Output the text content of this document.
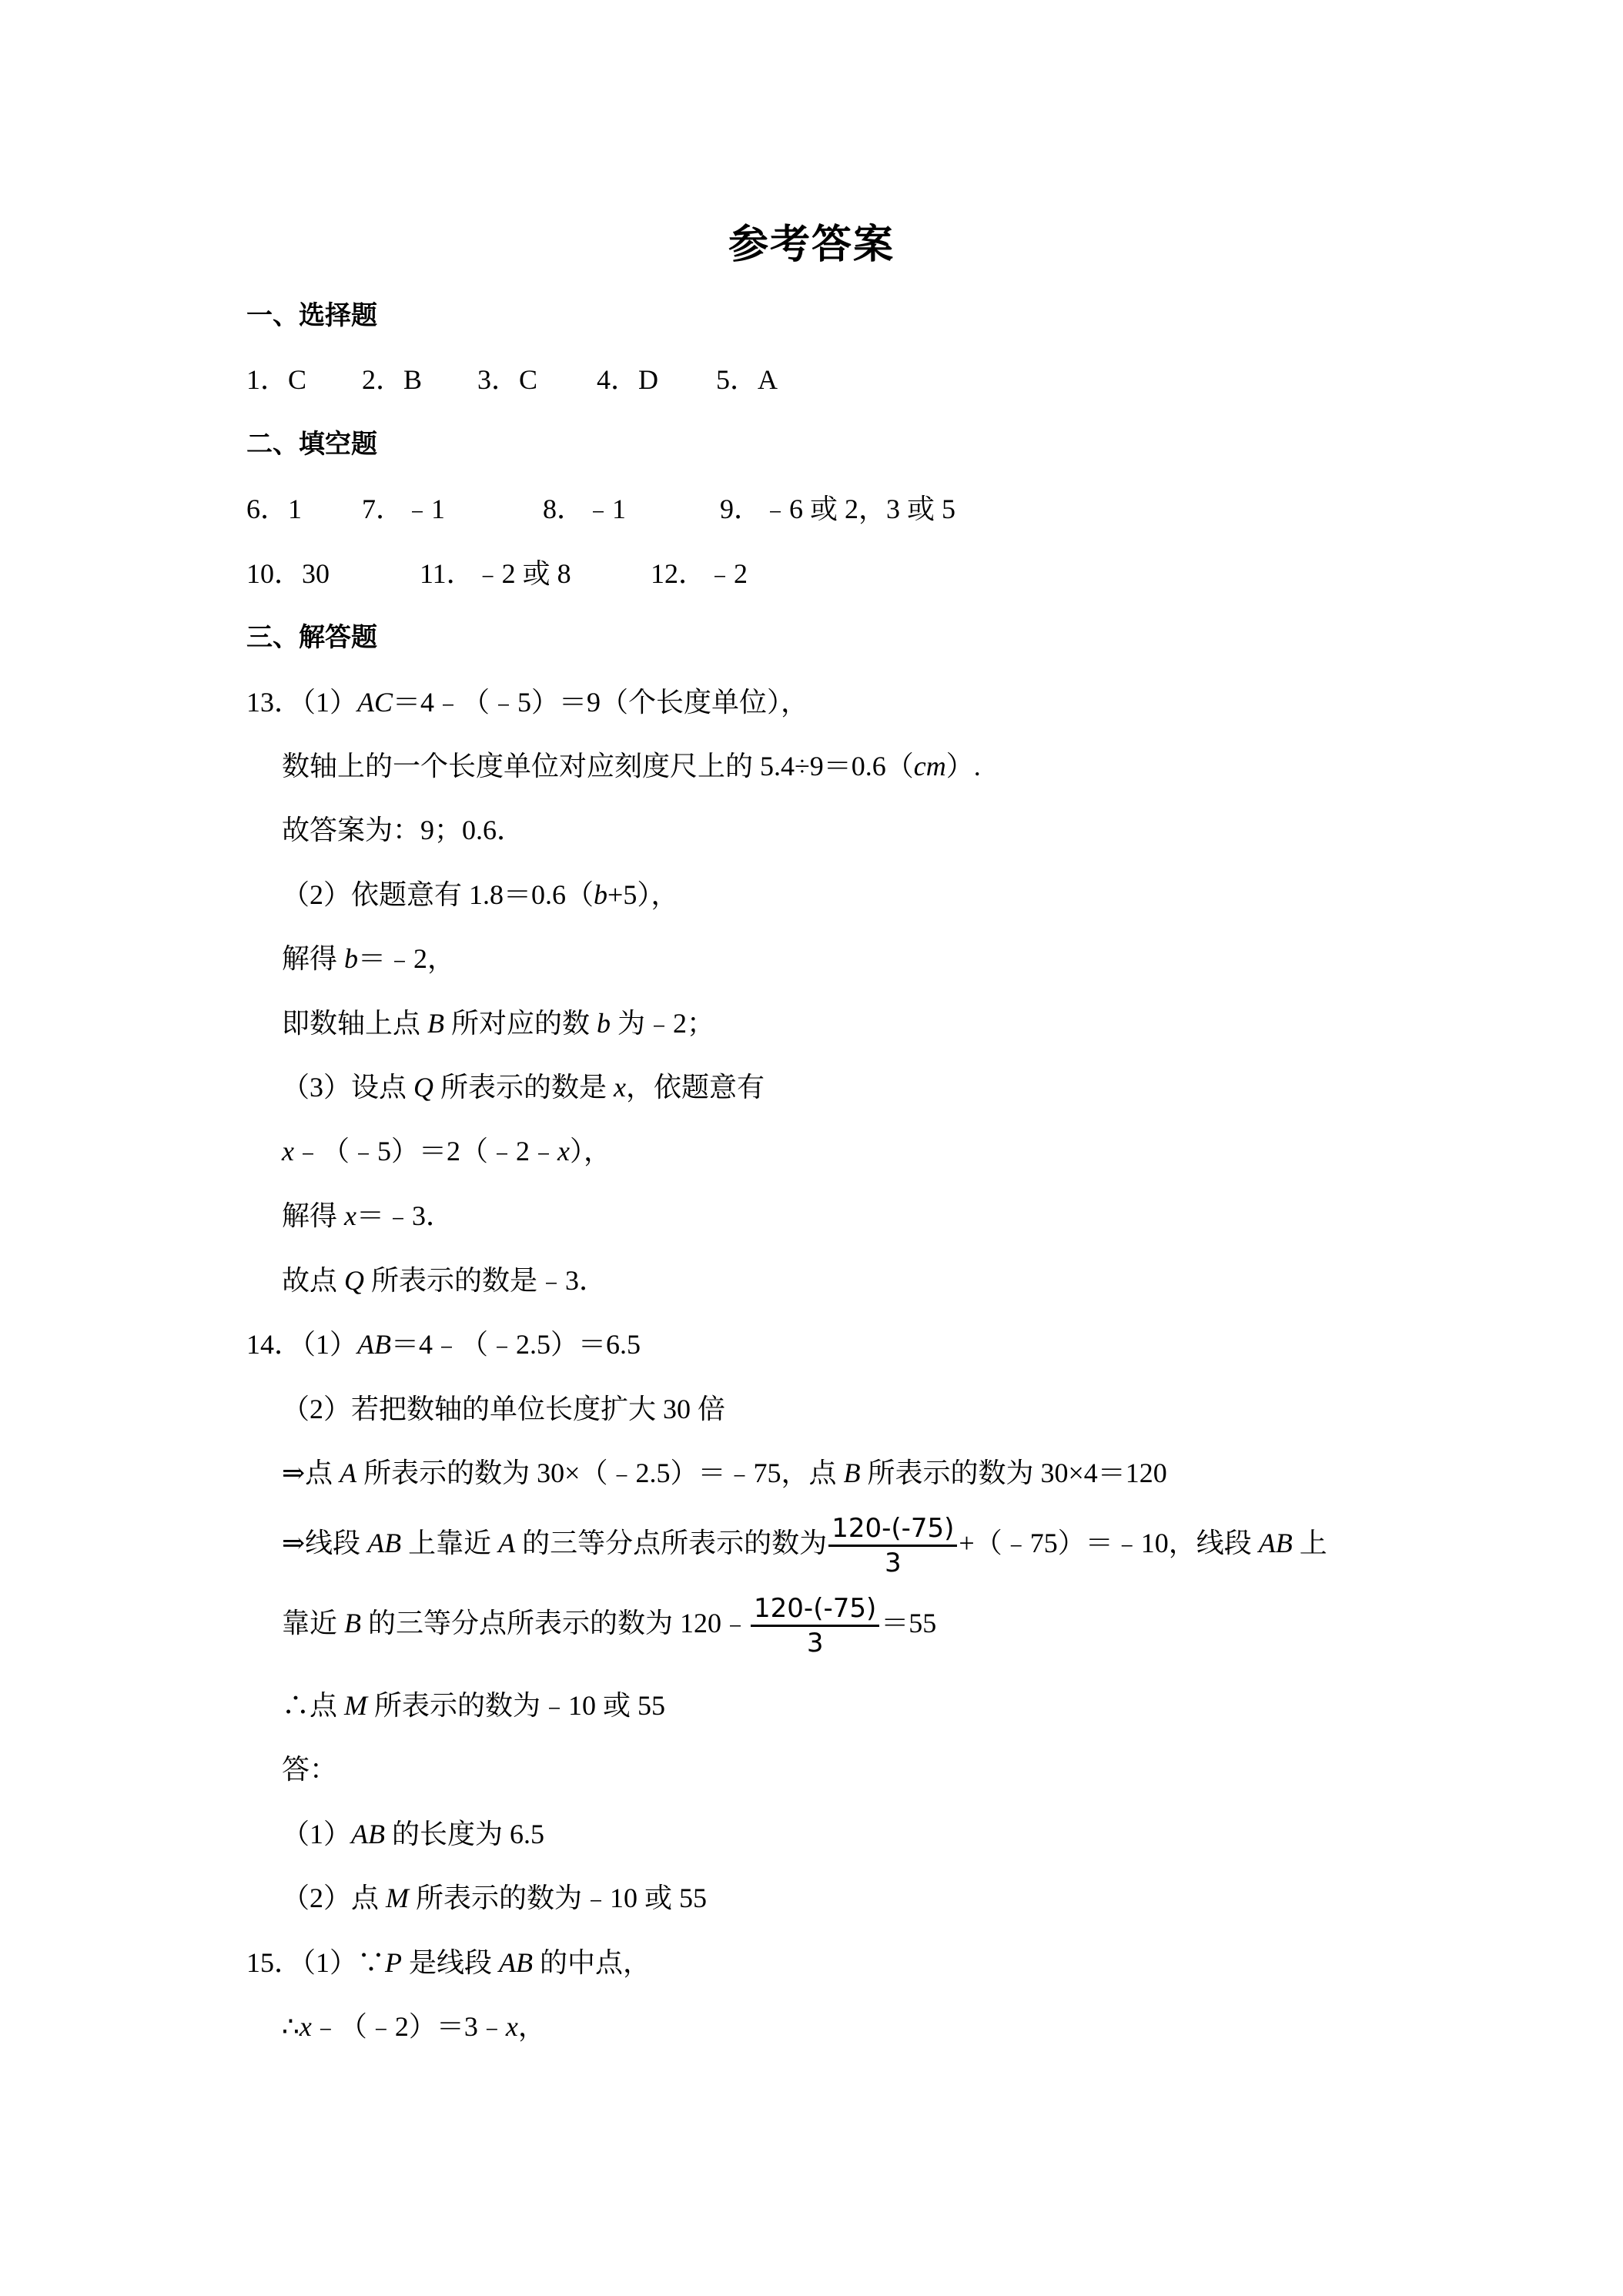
参考答案
一、选择题
1．C 2．B 3．C 4．D 5．A
二、填空题
6．1 7．﹣1	8．﹣1	9．﹣6 或 2，3 或 5
10．30	11．﹣2 或 8	12．﹣2
三、解答题
13．（1）AC＝4﹣（﹣5）＝9（个长度单位），
数轴上的一个长度单位对应刻度尺上的 5.4÷9＝0.6（cm）.
故答案为：9；0.6．
（2）依题意有 1.8＝0.6（b+5），
解得 b＝﹣2，
即数轴上点 B 所对应的数 b 为﹣2；
（3）设点 Q 所表示的数是 x，依题意有
x﹣（﹣5）＝2（﹣2﹣x），
解得 x＝﹣3．
故点 Q 所表示的数是﹣3．
14．（1）AB＝4﹣（﹣2.5）＝6.5
（2）若把数轴的单位长度扩大 30 倍
⇒点 A 所表示的数为 30×（﹣2.5）＝﹣75，点 B 所表示的数为 30×4＝120
⇒线段 AB 上靠近 A 的三等分点所表示的数为 $\frac{120-(-75)}{3}$ +（﹣75）＝﹣10，线段 AB 上
靠近 B 的三等分点所表示的数为 120﹣ $\frac{120-(-75)}{3} =55$
∴点 M 所表示的数为﹣10 或 55
答：
（1）AB 的长度为 6.5
（2）点 M 所表示的数为﹣10 或 55
15．（1）∵P 是线段 AB 的中点，
∴x﹣（﹣2）＝3﹣x，
